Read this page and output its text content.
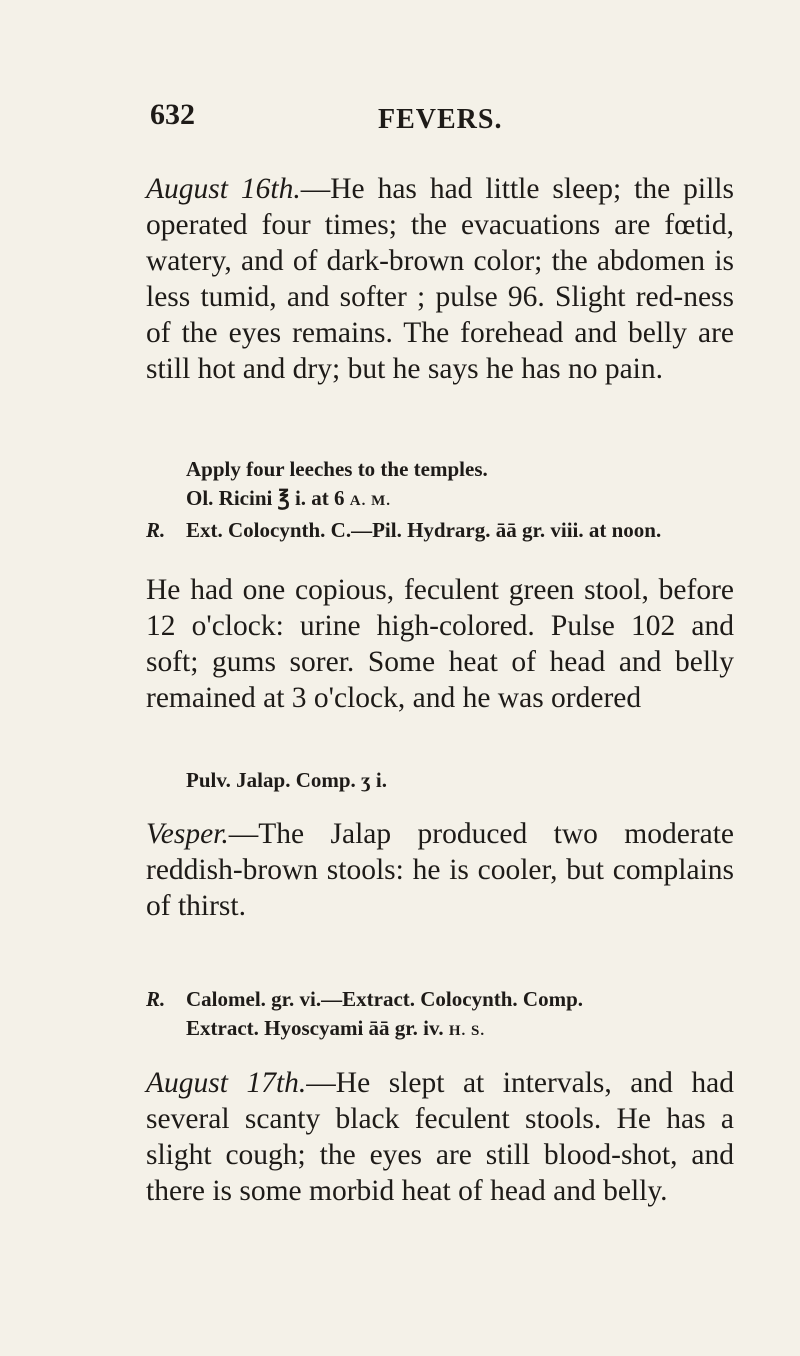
632	FEVERS.

August 16th.—He has had little sleep; the pills operated four times; the evacuations are fœtid, watery, and of dark-brown color; the abdomen is less tumid, and softer ; pulse 96. Slight red-ness of the eyes remains. The forehead and belly are still hot and dry; but he says he has no pain.

Apply four leeches to the temples.
Ol. Ricini ℥ i. at 6 A. M.
R. Ext. Colocynth. C.—Pil. Hydrarg. āā gr. viii. at noon.

He had one copious, feculent green stool, before 12 o'clock: urine high-colored. Pulse 102 and soft; gums sorer. Some heat of head and belly remained at 3 o'clock, and he was ordered

Pulv. Jalap. Comp. ʒ i.

Vesper.—The Jalap produced two moderate reddish-brown stools: he is cooler, but complains of thirst.

R. Calomel. gr. vi.—Extract. Colocynth. Comp.
Extract. Hyoscyami āā gr. iv. H. S.

August 17th.—He slept at intervals, and had several scanty black feculent stools. He has a slight cough; the eyes are still blood-shot, and there is some morbid heat of head and belly.
